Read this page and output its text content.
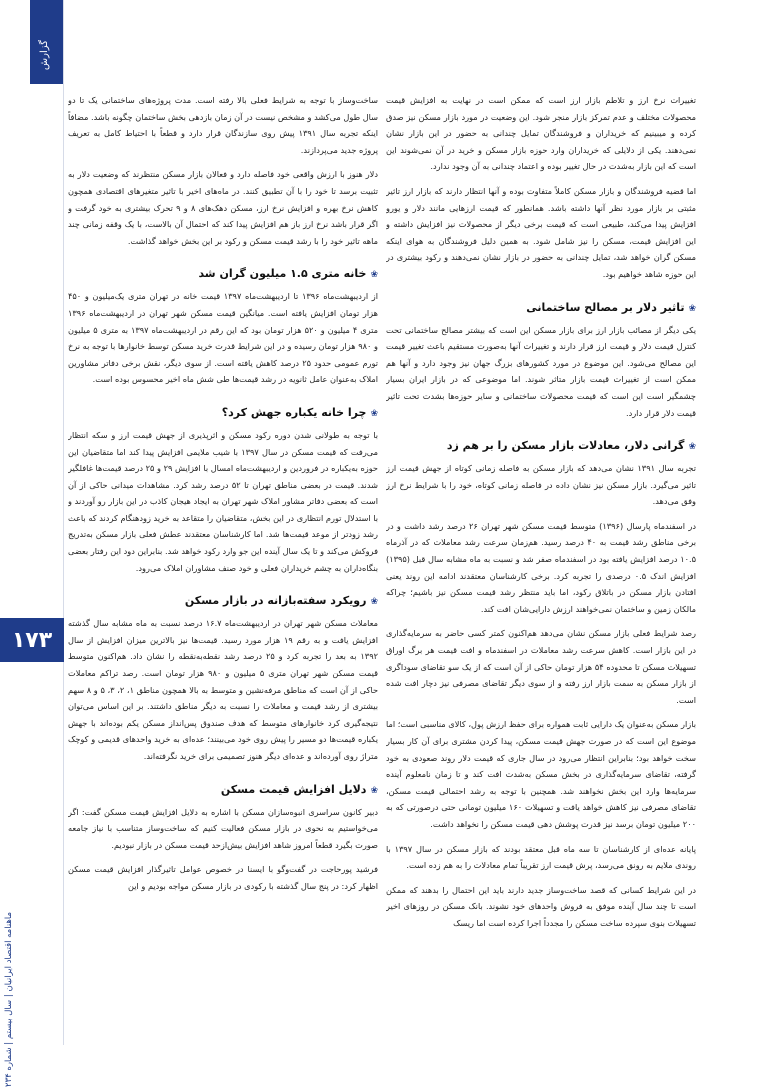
گزارش
ماهنامه اقتصاد ایرانیان | سال بیستم | شماره ۲۳۴
۱۷۳

تغییرات نرخ ارز و تلاطم بازار ارز است که ممکن است در نهایت به افزایش قیمت محصولات مختلف و عدم تمرکز بازار منجر شود. این وضعیت در مورد بازار مسکن نیز صدق کرده و میبینیم که خریداران و فروشندگان تمایل چندانی به حضور در این بازار نشان نمی‌دهند. یکی از دلایلی که خریداران وارد حوزه بازار مسکن و خرید در آن نمی‌شوند این است که این بازار به‌شدت در حال تغییر بوده و اعتماد چندانی به آن وجود ندارد.

اما قضیه فروشندگان و بازار مسکن کاملاً متفاوت بوده و آنها انتظار دارند که بازار ارز تاثیر مثبتی بر بازار مورد نظر آنها داشته باشد. همانطور که قیمت ارزهایی مانند دلار و یورو افزایش پیدا می‌کند، طبیعی است که قیمت برخی دیگر از محصولات نیز افزایش داشته و این افزایش قیمت، مسکن را نیز شامل شود. به همین دلیل فروشندگان به هوای اینکه مسکن گران خواهد شد، تمایل چندانی به حضور در بازار نشان نمی‌دهند و رکود بیشتری در این حوزه شاهد خواهیم بود.

❀تاثیر دلار بر مصالح ساختمانی

یکی دیگر از مصائب بازار ارز برای بازار مسکن این است که بیشتر مصالح ساختمانی تحت کنترل قیمت دلار و قیمت ارز قرار دارند و تغییرات آنها به‌صورت مستقیم باعث تغییر قیمت این مصالح می‌شود. این موضوع در مورد کشورهای بزرگ جهان نیز وجود دارد و آنها هم ممکن است از تغییرات قیمت بازار متاثر شوند. اما موضوعی که در بازار ایران بسیار چشمگیر است این است که قیمت محصولات ساختمانی و سایر حوزه‌ها بشدت تحت تاثیر قیمت دلار قرار دارد.

❀گرانی دلار، معادلات بازار مسکن را بر هم زد

تجربه سال ۱۳۹۱ نشان می‌دهد که بازار مسکن به فاصله زمانی کوتاه از جهش قیمت ارز تاثیر می‌گیرد. بازار مسکن نیز نشان داده در فاصله زمانی کوتاه، خود را با شرایط نرخ ارز وفق می‌دهد.

در اسفندماه پارسال (۱۳۹۶) متوسط قیمت مسکن شهر تهران ۲۶ درصد رشد داشت و در برخی مناطق رشد قیمت به ۴۰ درصد رسید. هم‌زمان سرعت رشد معاملات که در آذرماه ۱۰.۵ درصد افزایش یافته بود در اسفندماه صفر شد و نسبت به ماه مشابه سال قبل (۱۳۹۵) افزایش اندک ۰.۵ درصدی را تجربه کرد. برخی کارشناسان معتقدند ادامه این روند یعنی افتادن بازار مسکن در باتلاق رکود، اما باید منتظر رشد قیمت مسکن نیز باشیم؛ چراکه مالکان زمین و ساختمان نمی‌خواهند ارزش دارایی‌شان افت کند.

رصد شرایط فعلی بازار مسکن نشان می‌دهد هم‌اکنون کمتر کسی حاضر به سرمایه‌گذاری در این بازار است. کاهش سرعت رشد معاملات در اسفندماه و افت قیمت هر برگ اوراق تسهیلات مسکن تا محدوده ۵۴ هزار تومان حاکی از آن است که از یک سو تقاضای سوداگری از بازار مسکن به سمت بازار ارز رفته و از سوی دیگر تقاضای مصرفی نیز دچار افت شده است.

بازار مسکن به‌عنوان یک دارایی ثابت همواره برای حفظ ارزش پول، کالای مناسبی است؛ اما موضوع این است که در صورت جهش قیمت مسکن، پیدا کردن مشتری برای آن کار بسیار سخت خواهد بود؛ بنابراین انتظار می‌رود در سال جاری که قیمت دلار روند صعودی به خود گرفته، تقاضای سرمایه‌گذاری در بخش مسکن به‌شدت افت کند و تا زمان نامعلوم آینده سرمایه‌ها وارد این بخش نخواهند شد. همچنین با توجه به رشد احتمالی قیمت مسکن، تقاضای مصرفی نیز کاهش خواهد یافت و تسهیلات ۱۶۰ میلیون تومانی حتی درصورتی که به ۲۰۰ میلیون تومان برسد نیز قدرت پوشش دهی قیمت مسکن را نخواهد داشت.

پایانه عده‌ای از کارشناسان تا سه ماه قبل معتقد بودند که بازار مسکن در سال ۱۳۹۷ با روندی ملایم به رونق می‌رسد، پرش قیمت ارز تقریباً تمام معادلات را به هم زده است.

در این شرایط کسانی که قصد ساخت‌وساز جدید دارند باید این احتمال را بدهند که ممکن است تا چند سال آینده موفق به فروش واحدهای خود نشوند. بانک مسکن در روزهای اخیر تسهیلات بنوی سپرده ساخت مسکن را مجدداً اجرا کرده است اما ریسک

ساخت‌وساز با توجه به شرایط فعلی بالا رفته است. مدت پروژه‌های ساختمانی یک تا دو سال طول می‌کشد و مشخص نیست در آن زمان بازدهی بخش ساختمان چگونه باشد. مضافاً اینکه تجربه سال ۱۳۹۱ پیش روی سازندگان قرار دارد و قطعاً با احتیاط کامل به تعریف پروژه جدید می‌پردازند.

دلار هنوز با ارزش واقعی خود فاصله دارد و فعالان بازار مسکن منتظرند که وضعیت دلار به تثبیت برسد تا خود را با آن تطبیق کنند. در ماه‌های اخیر با تاثیر متغیرهای اقتصادی همچون کاهش نرخ بهره و افزایش نرخ ارز، مسکن دهک‌های ۸ و ۹ تحرک بیشتری به خود گرفت و اگر قرار باشد نرخ ارز باز هم افزایش پیدا کند که احتمال آن بالاست، با یک وقفه زمانی چند ماهه تاثیر خود را با رشد قیمت مسکن و رکود بر این بخش خواهد گذاشت.

❀خانه متری ۱.۵ میلیون گران شد

از اردیبهشت‌ماه ۱۳۹۶ تا اردیبهشت‌ماه ۱۳۹۷ قیمت خانه در تهران متری یک‌میلیون و ۴۵۰ هزار تومان افزایش یافته است. میانگین قیمت مسکن شهر تهران در اردیبهشت‌ماه ۱۳۹۶ متری ۴ میلیون و ۵۲۰ هزار تومان بود که این رقم در اردیبهشت‌ماه ۱۳۹۷ به متری ۵ میلیون و ۹۸۰ هزار تومان رسیده و در این شرایط قدرت خرید مسکن توسط خانوارها با توجه به نرخ تورم عمومی حدود ۲۵ درصد کاهش یافته است. از سوی دیگر، نقش برخی دفاتر مشاورین املاک به‌عنوان عامل ثانویه در رشد قیمت‌ها طی شش ماه اخیر محسوس بوده است.

❀چرا خانه یکباره جهش کرد؟

با توجه به طولانی شدن دوره رکود مسکن و اثرپذیری از جهش قیمت ارز و سکه انتظار می‌رفت که قیمت مسکن در سال ۱۳۹۷ با شیب ملایمی افزایش پیدا کند اما متقاضیان این حوزه به‌یکباره در فروردین و اردیبهشت‌ماه امسال با افزایش ۲۹ و ۲۵ درصد قیمت‌ها غافلگیر شدند. قیمت در بعضی مناطق تهران تا ۵۲ درصد رشد کرد. مشاهدات میدانی حاکی از آن است که بعضی دفاتر مشاور املاک شهر تهران به ایجاد هیجان کاذب در این بازار رو آوردند و با استدلال تورم انتظاری در این بخش، متقاضیان را متقاعد به خرید زودهنگام کردند که باعث رشد زودتر از موعد قیمت‌ها شد. اما کارشناسان معتقدند عطش فعلی بازار مسکن به‌تدریج فروکش می‌کند و تا یک سال آینده این جو وارد رکود خواهد شد. بنابراین دود این رفتار بعضی بنگاه‌داران به چشم خریداران فعلی و خود صنف مشاوران املاک می‌رود.

❀رویکرد سفته‌بازانه در بازار مسکن

معاملات مسکن شهر تهران در اردیبهشت‌ماه ۱۶.۷ درصد نسبت به ماه مشابه سال گذشته افزایش یافت و به رقم ۱۹ هزار مورد رسید. قیمت‌ها نیز بالاترین میزان افزایش از سال ۱۳۹۲ به بعد را تجربه کرد و ۲۵ درصد رشد نقطه‌به‌نقطه را نشان داد. هم‌اکنون متوسط قیمت مسکن شهر تهران متری ۵ میلیون و ۹۸۰ هزار تومان است. رصد تراکم معاملات حاکی از آن است که مناطق مرفه‌نشین و متوسط به بالا همچون مناطق ۱، ۲، ۳، ۵ و ۸ سهم بیشتری از رشد قیمت و معاملات را نسبت به دیگر مناطق داشتند. بر این اساس می‌توان نتیجه‌گیری کرد خانوارهای متوسط که هدف صندوق پس‌انداز مسکن یکم بوده‌اند با جهش یکباره قیمت‌ها دو مسیر را پیش روی خود می‌بینند؛ عده‌ای به خرید واحدهای قدیمی و کوچک متراژ روی آورده‌اند و عده‌ای دیگر هنوز تصمیمی برای خرید نگرفته‌اند.

❀دلایل افزایش قیمت مسکن

دبیر کانون سراسری انبوه‌سازان مسکن با اشاره به دلایل افزایش قیمت مسکن گفت: اگر می‌خواستیم به نحوی در بازار مسکن فعالیت کنیم که ساخت‌وساز متناسب با نیاز جامعه صورت بگیرد قطعاً امروز شاهد افزایش بیش‌ازحد قیمت مسکن در بازار نبودیم.

فرشید پورحاجت در گفت‌وگو با ایسنا در خصوص عوامل تاثیرگذار افزایش قیمت مسکن اظهار کرد: در پنج سال گذشته با رکودی در بازار مسکن مواجه بودیم و این
